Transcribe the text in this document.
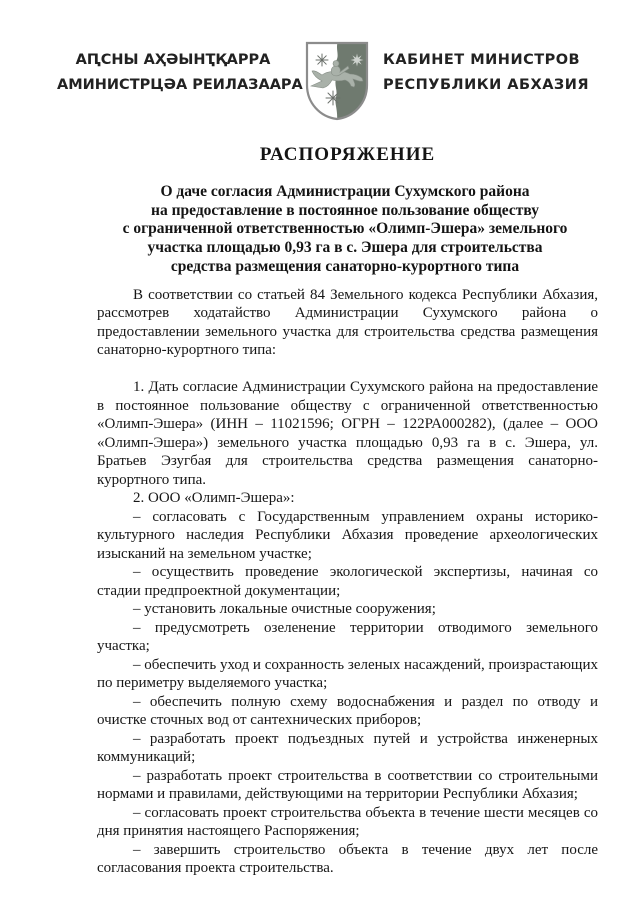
АԤСНЫ АҲӘЫНҬҚАРРА
АМИНИСТРЦӘА РЕИЛАЗААРА
КАБИНЕТ МИНИСТРОВ
РЕСПУБЛИКИ АБХАЗИЯ
РАСПОРЯЖЕНИЕ
О даче согласия Администрации Сухумского района
на предоставление в постоянное пользование обществу
с ограниченной ответственностью «Олимп-Эшера» земельного
участка площадью 0,93 га в с. Эшера для строительства
средства размещения санаторно-курортного типа

В соответствии со статьей 84 Земельного кодекса Республики Абхазия, рассмотрев ходатайство Администрации Сухумского района о предоставлении земельного участка для строительства средства размещения санаторно-курортного типа:

1. Дать согласие Администрации Сухумского района на предоставление в постоянное пользование обществу с ограниченной ответственностью «Олимп-Эшера» (ИНН – 11021596; ОГРН – 122РА000282), (далее – ООО «Олимп-Эшера») земельного участка площадью 0,93 га в с. Эшера, ул. Братьев Эзугбая для строительства средства размещения санаторно-курортного типа.

2. ООО «Олимп-Эшера»:

– согласовать с Государственным управлением охраны историко-культурного наследия Республики Абхазия проведение археологических изысканий на земельном участке;

– осуществить проведение экологической экспертизы, начиная со стадии предпроектной документации;

– установить локальные очистные сооружения;

– предусмотреть озеленение территории отводимого земельного участка;

– обеспечить уход и сохранность зеленых насаждений, произрастающих по периметру выделяемого участка;

– обеспечить полную схему водоснабжения и раздел по отводу и очистке сточных вод от сантехнических приборов;

– разработать проект подъездных путей и устройства инженерных коммуникаций;

– разработать проект строительства в соответствии со строительными нормами и правилами, действующими на территории Республики Абхазия;

– согласовать проект строительства объекта в течение шести месяцев со дня принятия настоящего Распоряжения;

– завершить строительство объекта в течение двух лет после согласования проекта строительства.
